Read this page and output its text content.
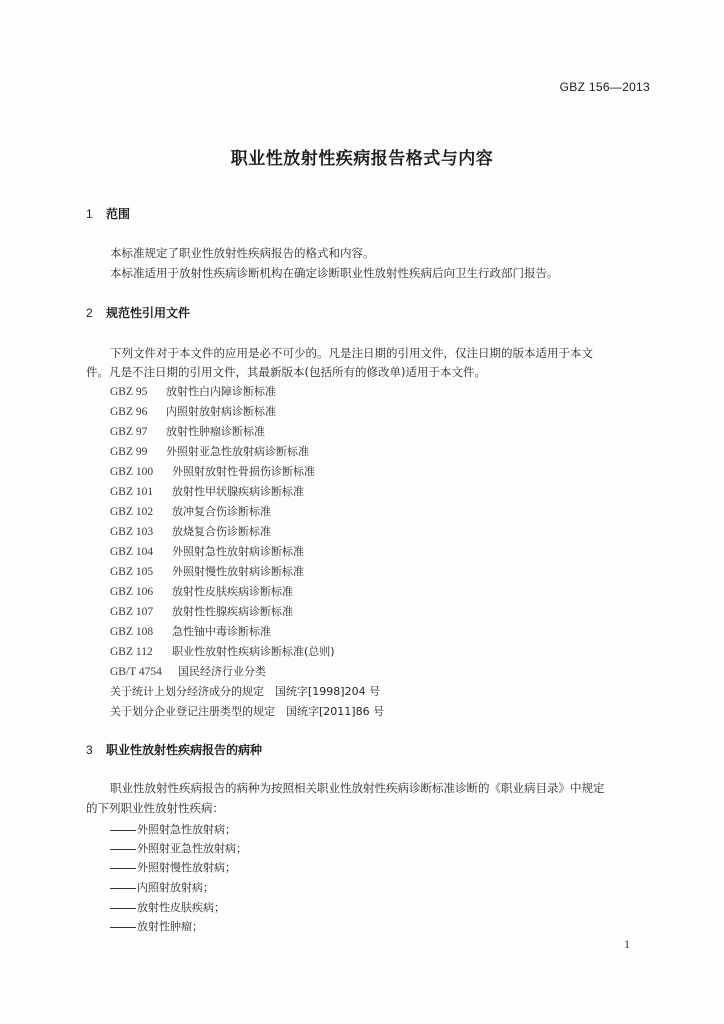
GBZ 156—2013
职业性放射性疾病报告格式与内容
1 范围
本标准规定了职业性放射性疾病报告的格式和内容。
本标准适用于放射性疾病诊断机构在确定诊断职业性放射性疾病后向卫生行政部门报告。
2 规范性引用文件
下列文件对于本文件的应用是必不可少的。凡是注日期的引用文件，仅注日期的版本适用于本文
件。凡是不注日期的引用文件，其最新版本(包括所有的修改单)适用于本文件。
GBZ 95 放射性白内障诊断标准
GBZ 96 内照射放射病诊断标准
GBZ 97 放射性肿瘤诊断标准
GBZ 99 外照射亚急性放射病诊断标准
GBZ 100 外照射放射性骨损伤诊断标准
GBZ 101 放射性甲状腺疾病诊断标准
GBZ 102 放冲复合伤诊断标准
GBZ 103 放烧复合伤诊断标准
GBZ 104 外照射急性放射病诊断标准
GBZ 105 外照射慢性放射病诊断标准
GBZ 106 放射性皮肤疾病诊断标准
GBZ 107 放射性性腺疾病诊断标准
GBZ 108 急性铀中毒诊断标准
GBZ 112 职业性放射性疾病诊断标准(总则)
GB/T 4754 国民经济行业分类
关于统计上划分经济成分的规定　国统字[1998]204 号
关于划分企业登记注册类型的规定　国统字[2011]86 号
3 职业性放射性疾病报告的病种
职业性放射性疾病报告的病种为按照相关职业性放射性疾病诊断标准诊断的《职业病目录》中规定
的下列职业性放射性疾病：
外照射急性放射病；
外照射亚急性放射病；
外照射慢性放射病；
内照射放射病；
放射性皮肤疾病；
放射性肿瘤；
1
